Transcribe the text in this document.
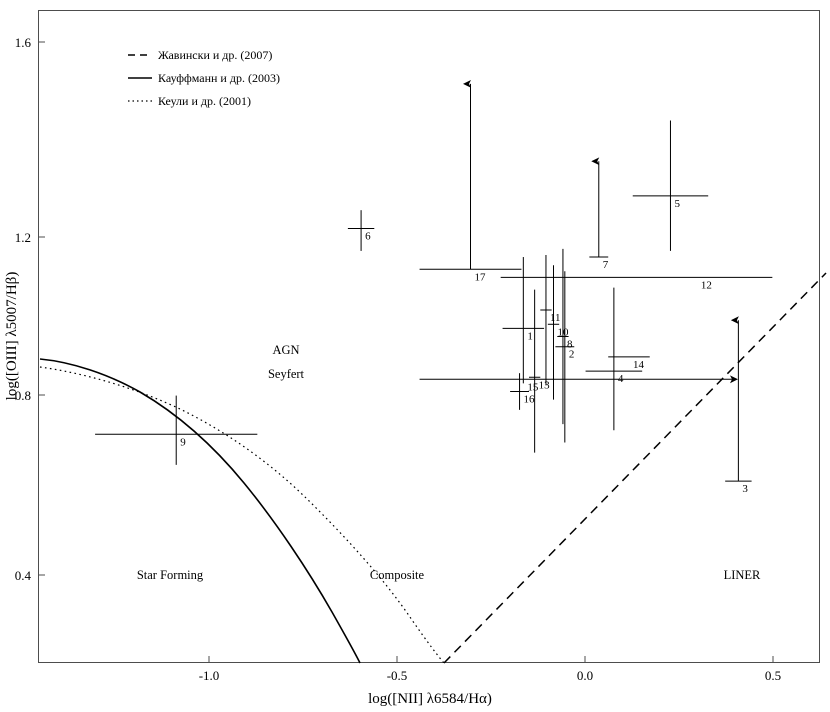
1.6
1.2
0.8
0.4
-1.0	-0.5	0.0	0.5
log([NII] λ6584/Hα)
log([OIII] λ5007/Hβ)	AGN
Seyfert
Star Forming	Composite	LINER
Жавински и др. (2007)
Кауффманн и др. (2003)
Кеули и др. (2001)
1
2
3
4
5
6
7
8
9
10
11
12
13
14
15
16
17
